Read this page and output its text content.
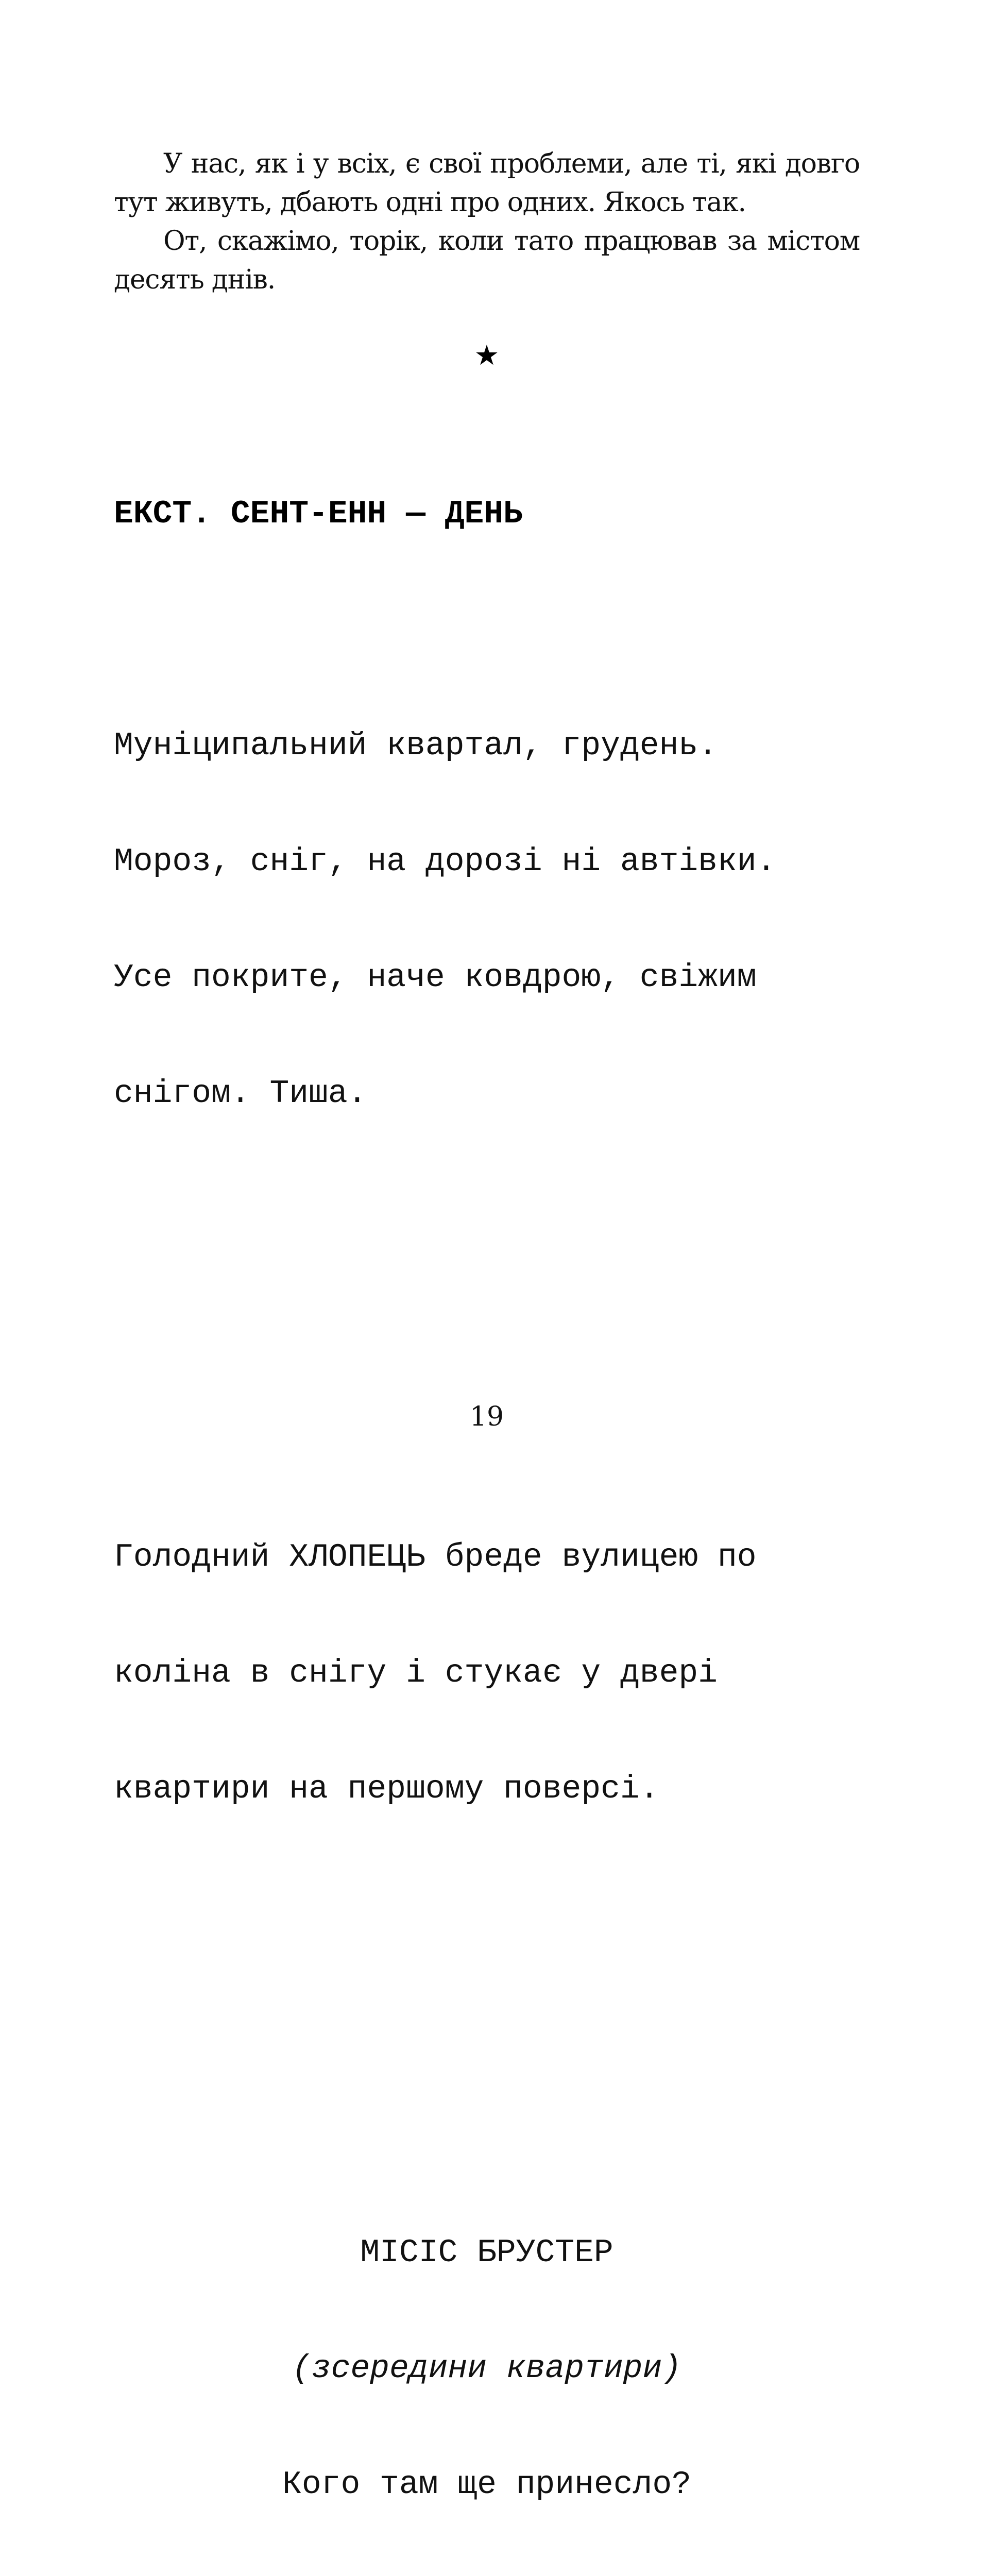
У нас, як і у всіх, є свої проблеми, але ті, які довго тут живуть, дбають одні про одних. Якось так.

От, скажімо, торік, коли тато працював за містом десять днів.

★

ЕКСТ. СЕНТ-ЕНН — ДЕНЬ

Муніципальний квартал, грудень.

Мороз, сніг, на дорозі ні автівки.

Усе покрите, наче ковдрою, свіжим

снігом. Тиша.

Голодний ХЛОПЕЦЬ бреде вулицею по

коліна в снігу і стукає у двері

квартири на першому поверсі.

МІСІС БРУСТЕР

(зсередини квартири)

Кого там ще принесло?

19
